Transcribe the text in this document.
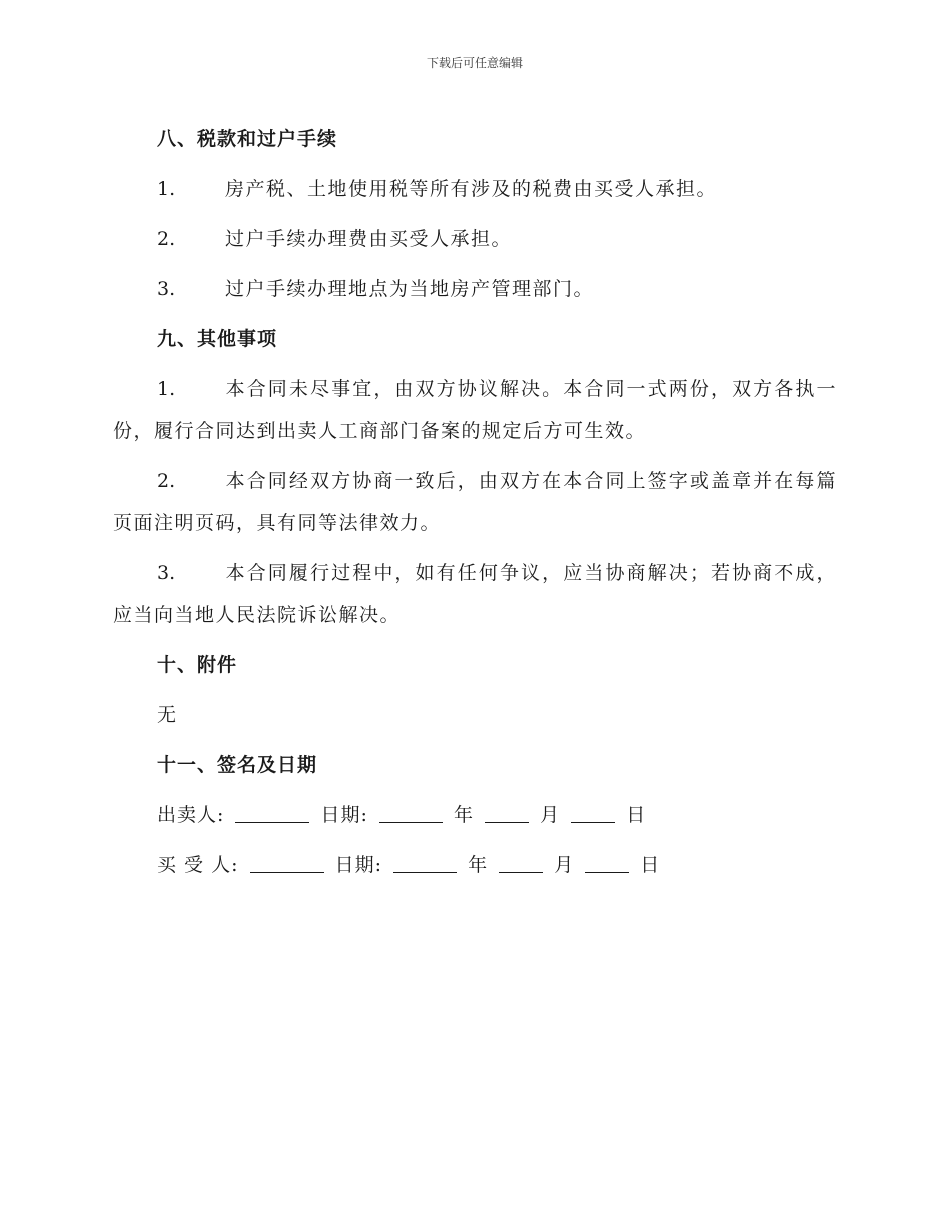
下载后可任意编辑
八、税款和过户手续
1.	房产税、土地使用税等所有涉及的税费由买受人承担。
2.	过户手续办理费由买受人承担。
3.	过户手续办理地点为当地房产管理部门。
九、其他事项
1.	本合同未尽事宜，由双方协议解决。本合同一式两份，双方各执一份，履行合同达到出卖人工商部门备案的规定后方可生效。
2.	本合同经双方协商一致后，由双方在本合同上签字或盖章并在每篇页面注明页码，具有同等法律效力。
3.	本合同履行过程中，如有任何争议，应当协商解决；若协商不成，应当向当地人民法院诉讼解决。
十、附件
无
十一、签名及日期
出卖人:	日期:	年	月	日
买 受 人:	日期:	年	月	日
